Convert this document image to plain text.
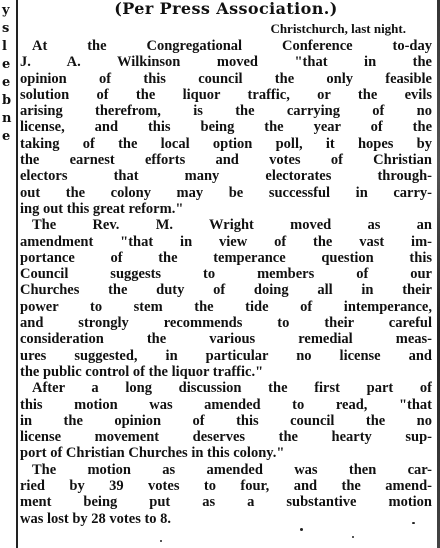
y
s
l
e
e
b
n
e

(Per Press Association.)

Christchurch, last night.

At the Congregational Conference to-day
J. A. Wilkinson moved "that in the
opinion of this council the only feasible
solution of the liquor traffic, or the evils
arising therefrom, is the carrying of no
license, and this being the year of the
taking of the local option poll, it hopes by
the earnest efforts and votes of Christian
electors that many electorates through-
out the colony may be successful in carry-
ing out this great reform."
The Rev. M. Wright moved as an
amendment "that in view of the vast im-
portance of the temperance question this
Council suggests to members of our
Churches the duty of doing all in their
power to stem the tide of intemperance,
and strongly recommends to their careful
consideration the various remedial meas-
ures suggested, in particular no license and
the public control of the liquor traffic."
After a long discussion the first part of
this motion was amended to read, "that
in the opinion of this council the no
license movement deserves the hearty sup-
port of Christian Churches in this colony."
The motion as amended was then car-
ried by 39 votes to four, and the amend-
ment being put as a substantive motion
was lost by 28 votes to 8.
